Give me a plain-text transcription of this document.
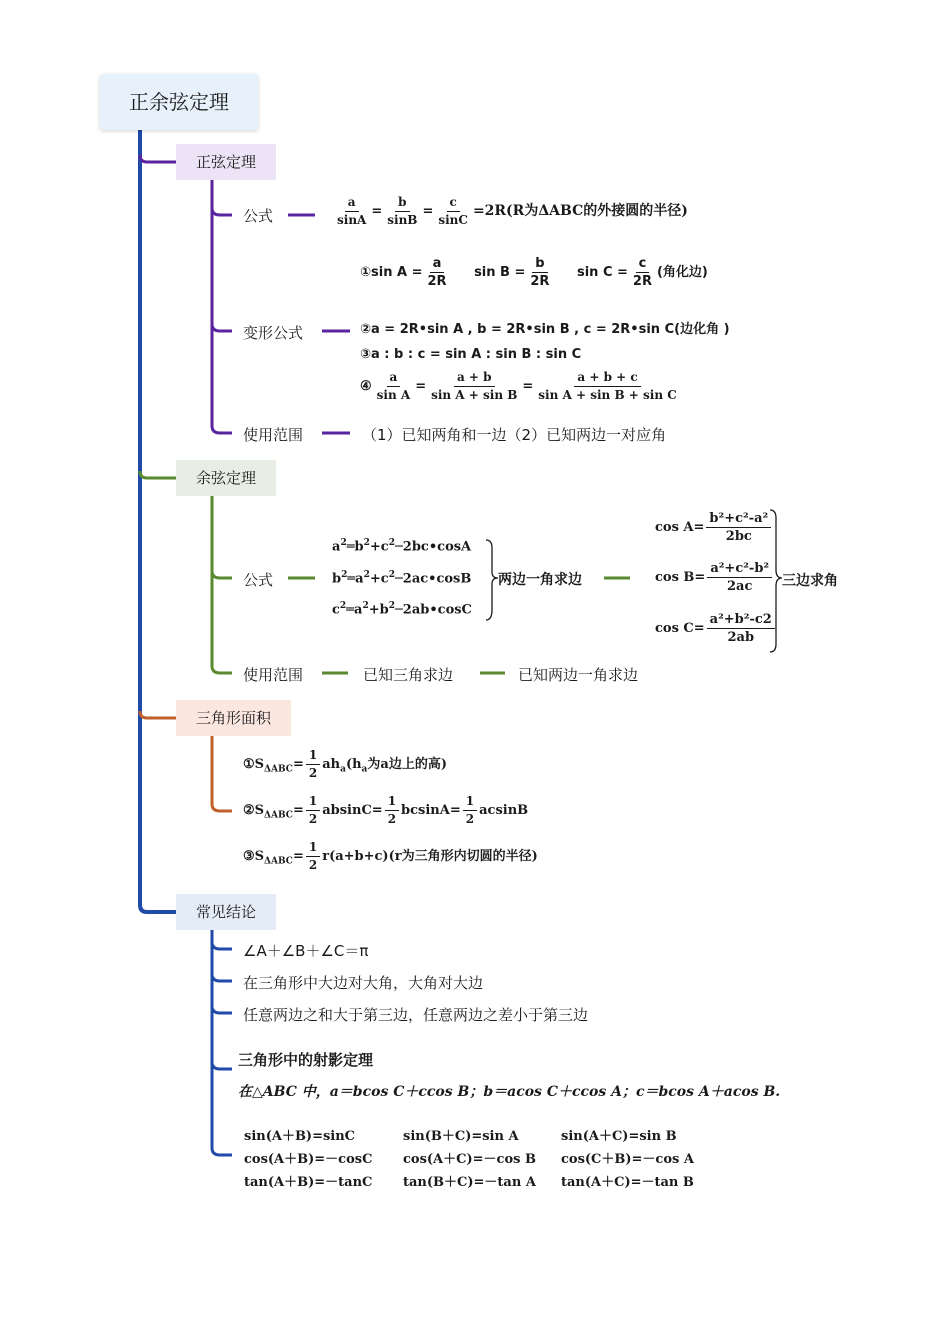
正余弦定理
正弦定理
公式	$\frac{a}{\sin A} = \frac{b}{\sin B} = \frac{c}{\sin C} =2R(R$为ΔABC的外接圆的半径)
①sin $A = \frac{a}{2R}$ $\sin B = \frac{b}{2R}$ $\sin C = \frac{c}{2R}$ (角化边)
变形公式	②a = 2R•sin A , b = 2R•sin B , c = 2R•sin C(边化角 )
③a : b : c = sin A : sin B : sin C
④ $\frac{a}{\text{sin A}} = \frac{a + b}{\text{sin A + sin B}} = \frac{a + b + c}{\text{sin A + sin B + sin C}}$
使用范围	（1）已知两角和一边（2）已知两边一对应角
余弦定理
公式
$a^2═b^2+c^2─2bc•\cos A$
$b^2═a^2+c^2─2ac•\cos B$
$c^2═a^2+b^2─2ab•\cos C$
两边一角求边
$\cos A= \frac{\text{b²+c²-a²}}{2bc}$
$\cos B= \frac{\text{a²+c²-b²}}{2ac}$
$\cos C= \frac{\text{a²+b²-c2}}{2ab}$
三边求角
使用范围	已知三角求边	已知两边一角求边
三角形面积
$①S_{\Delta ABC}= \frac{1}{2} ah_a(h_a$为a边上的高)
$②S_{\Delta ABC}= \frac{1}{2} absinC= \frac{1}{2} bcsinA= \frac{1}{2}$ acsinB
$③S_{\Delta ABC}= \frac{1}{2} r(a+b+c)(r$为三角形内切圆的半径)
常见结论
∠A＋∠B＋∠C＝π
在三角形中大边对大角，大角对大边
任意两边之和大于第三边，任意两边之差小于第三边
三角形中的射影定理
在△ABC 中，a＝bcos C＋ccos B；b＝acos C＋ccos A；c＝bcos A＋acos B.
sin(A＋B)=sinC	sin(B＋C)=sin A	sin(A＋C)=sin B
cos(A＋B)=－cosC cos(A＋C)=－cos B cos(C＋B)=－cos A
tan(A＋B)=－tanC tan(B＋C)=－tan A tan(A＋C)=－tan B
